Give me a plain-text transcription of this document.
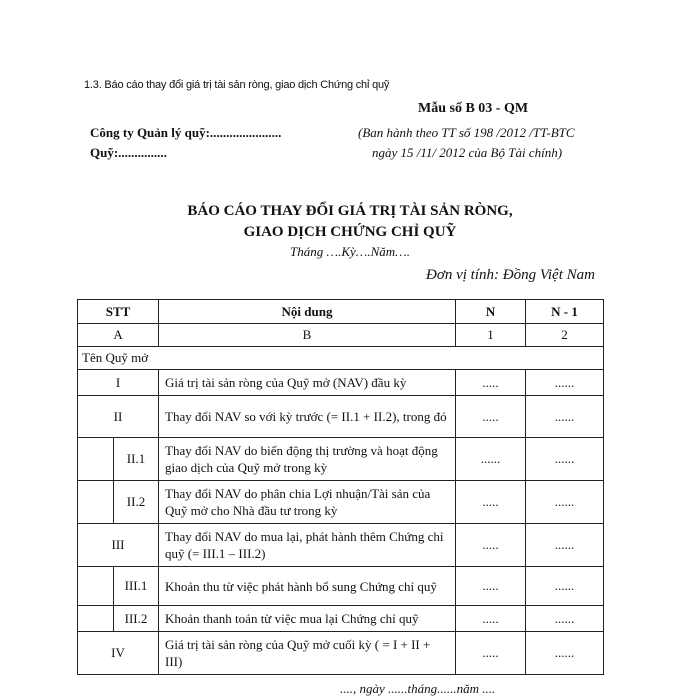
1.3. Báo cáo thay đổi giá trị tài sản ròng, giao dịch Chứng chỉ quỹ
Mẫu số B 03 - QM
Công ty Quản lý quỹ:......................
Quỹ:...............
(Ban hành theo TT số 198 /2012 /TT-BTC
ngày 15 /11/ 2012 của Bộ Tài chính)
BÁO CÁO THAY ĐỔI GIÁ TRỊ TÀI SẢN RÒNG,
GIAO DỊCH CHỨNG CHỈ QUỸ
Tháng ….Kỳ….Năm….
Đơn vị tính: Đồng Việt Nam
STT		Nội dung	N	N - 1
A		B	1	2
Tên Quỹ mở				
I		Giá trị tài sản ròng của Quỹ mở (NAV) đầu kỳ	.....	......
II		Thay đổi NAV so với kỳ trước (= II.1 + II.2), trong đó	.....	......
	II.1	Thay đổi NAV do biến động thị trường và hoạt động giao dịch của Quỹ mở trong kỳ	......	......
	II.2	Thay đổi NAV do phân chia Lợi nhuận/Tài sản của Quỹ mở cho Nhà đầu tư trong kỳ	.....	......
III		Thay đổi NAV do mua lại, phát hành thêm Chứng chỉ quỹ (= III.1 – III.2)	.....	......
	III.1	Khoản thu từ việc phát hành bổ sung Chứng chỉ quỹ	.....	......
	III.2	Khoản thanh toán từ việc mua lại Chứng chỉ quỹ	.....	......
IV		Giá trị tài sản ròng của Quỹ mở cuối kỳ ( = I + II + III)	.....	......
...., ngày ......tháng......năm ....
